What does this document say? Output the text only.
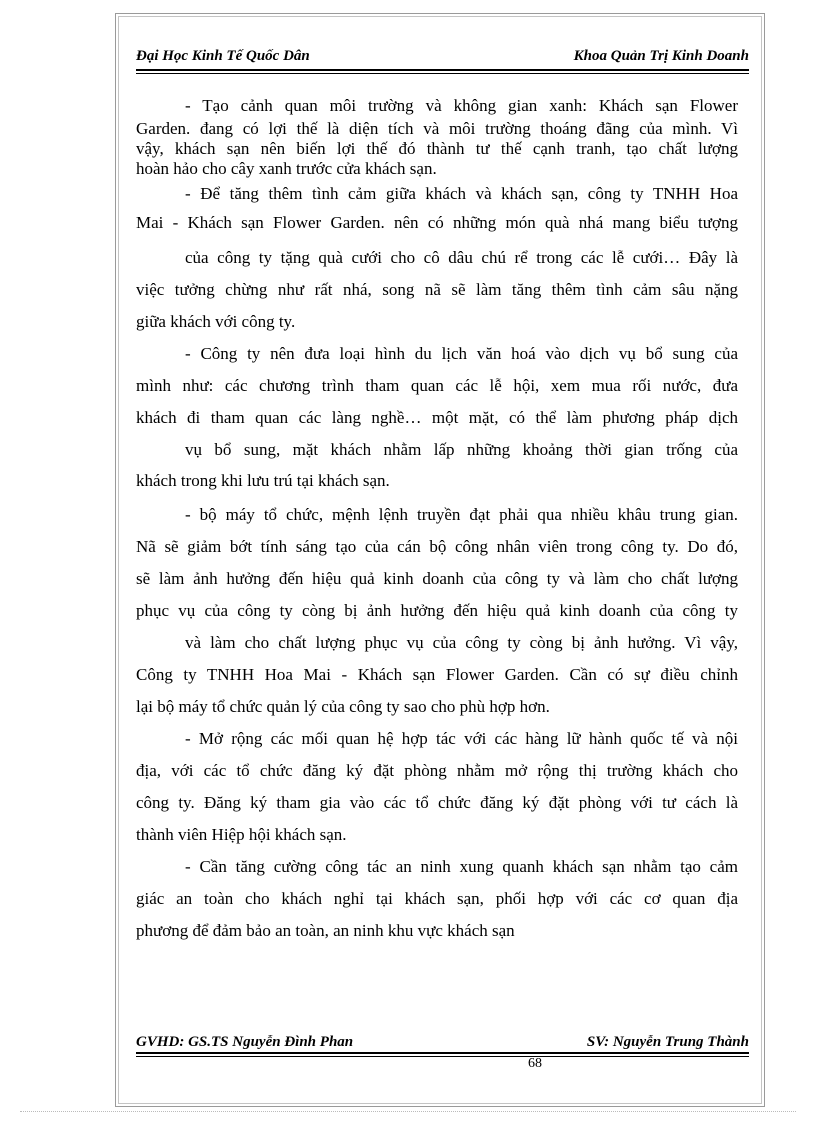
Đại Học Kinh Tế Quốc Dân	Khoa Quản Trị Kinh Doanh
- Tạo cảnh quan môi trường và không gian xanh: Khách sạn Flower
Garden. đang có lợi thế là diện tích và môi trường thoáng đãng của mình. Vì
vậy, khách sạn nên biến lợi thế đó thành tư thế cạnh tranh, tạo chất lượng
hoàn hảo cho cây xanh trước cửa khách sạn.
- Để tăng thêm tình cảm giữa khách và khách sạn, công ty TNHH Hoa
Mai - Khách sạn Flower Garden. nên có những món quà nhá mang biểu tượng
của công ty tặng quà cưới cho cô dâu chú rể trong các lễ cưới… Đây là
việc tưởng chừng như rất nhá, song nã sẽ làm tăng thêm tình cảm sâu nặng
giữa khách với công ty.
- Công ty nên đưa loại hình du lịch văn hoá vào dịch vụ bổ sung của
mình như: các chương trình tham quan các lễ hội, xem mua rối nước, đưa
khách đi tham quan các làng nghề… một mặt, có thể làm phương pháp dịch
vụ bổ sung, mặt khách nhằm lấp những khoảng thời gian trống của
khách trong khi lưu trú tại khách sạn.
- bộ máy tổ chức, mệnh lệnh truyền đạt phải qua nhiều khâu trung gian.
Nã sẽ giảm bớt tính sáng tạo của cán bộ công nhân viên trong công ty. Do đó,
sẽ làm ảnh hưởng đến hiệu quả kinh doanh của công ty và làm cho chất lượng
phục vụ của công ty còng bị ảnh hưởng đến hiệu quả kinh doanh của công ty
và làm cho chất lượng phục vụ của công ty còng bị ảnh hưởng. Vì vậy,
Công ty TNHH Hoa Mai - Khách sạn Flower Garden. Cần có sự điều chỉnh
lại bộ máy tổ chức quản lý của công ty sao cho phù hợp hơn.
- Mở rộng các mối quan hệ hợp tác với các hàng lữ hành quốc tế và nội
địa, với các tổ chức đăng ký đặt phòng nhằm mở rộng thị trường khách cho
công ty. Đăng ký tham gia vào các tổ chức đăng ký đặt phòng với tư cách là
thành viên Hiệp hội khách sạn.
- Cần tăng cường công tác an ninh xung quanh khách sạn nhằm tạo cảm
giác an toàn cho khách nghỉ tại khách sạn, phối hợp với các cơ quan địa
phương để đảm bảo an toàn, an ninh khu vực khách sạn
GVHD: GS.TS Nguyễn Đình Phan	SV: Nguyễn Trung Thành
68
